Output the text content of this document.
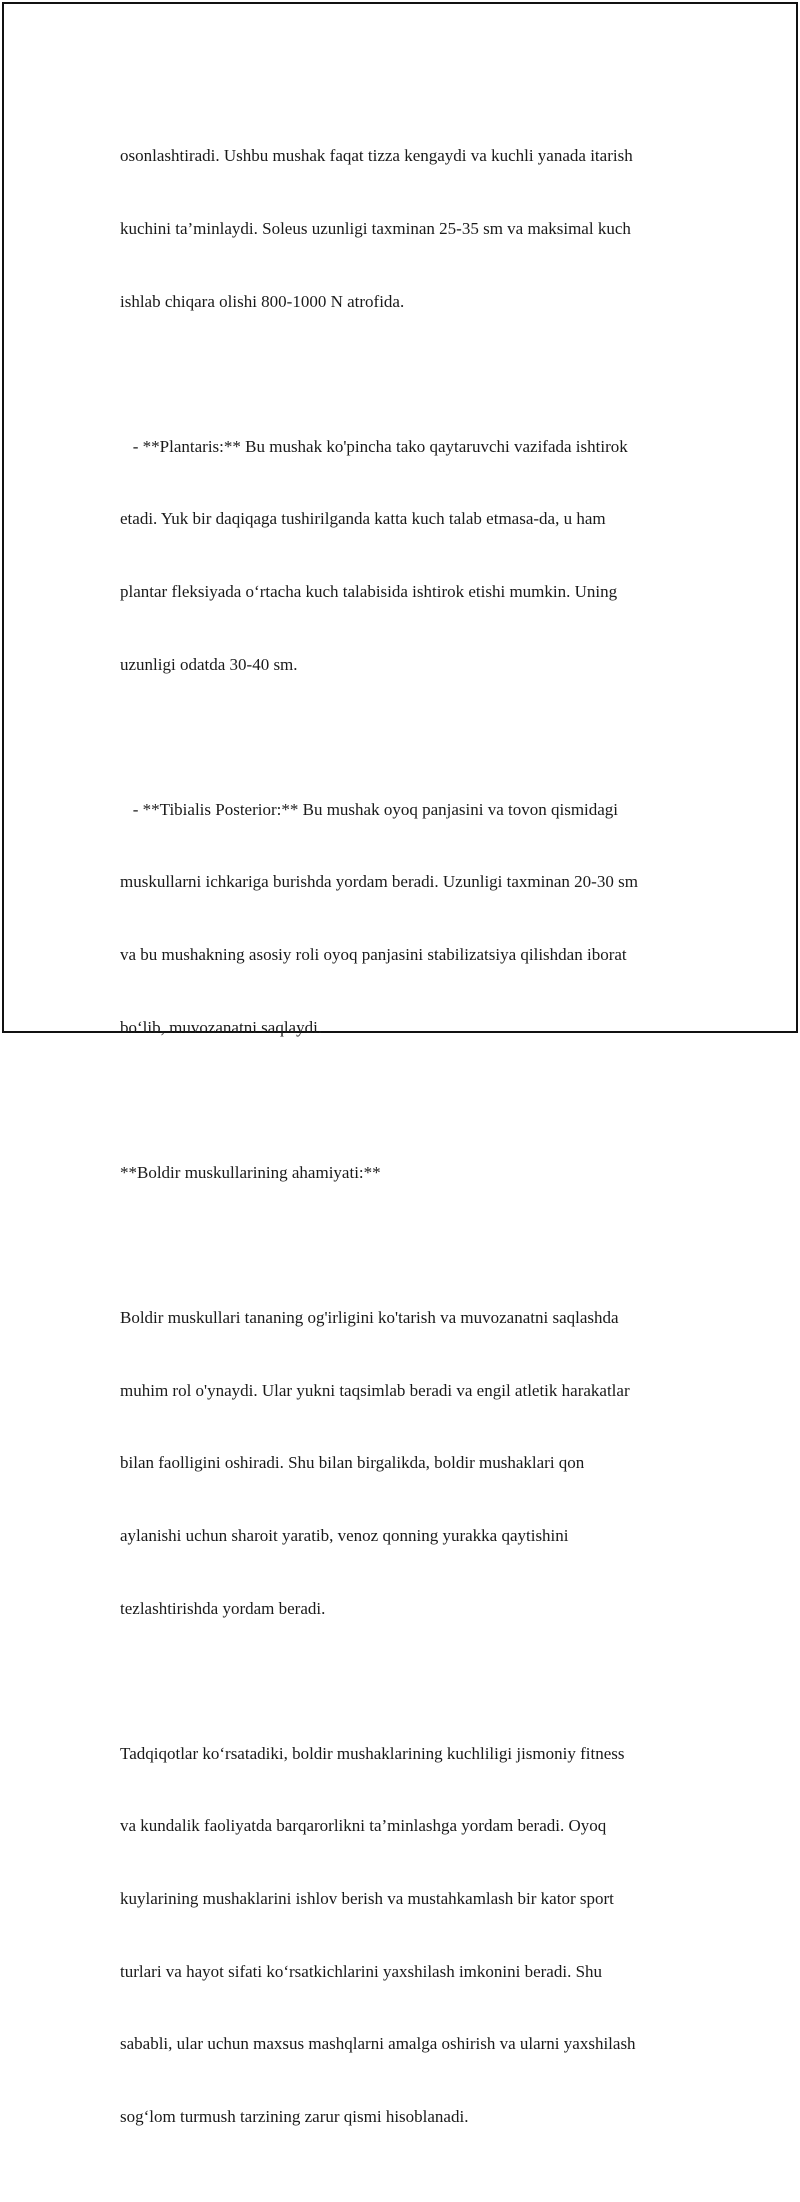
osonlashtiradi. Ushbu mushak faqat tizza kengaydi va kuchli yanada itarish

kuchini ta’minlaydi. Soleus uzunligi taxminan 25-35 sm va maksimal kuch

ishlab chiqara olishi 800-1000 N atrofida.

- **Plantaris:** Bu mushak ko'pincha tako qaytaruvchi vazifada ishtirok

etadi. Yuk bir daqiqaga tushirilganda katta kuch talab etmasa-da, u ham

plantar fleksiyada o‘rtacha kuch talabisida ishtirok etishi mumkin. Uning

uzunligi odatda 30-40 sm.

- **Tibialis Posterior:** Bu mushak oyoq panjasini va tovon qismidagi

muskullarni ichkariga burishda yordam beradi. Uzunligi taxminan 20-30 sm

va bu mushakning asosiy roli oyoq panjasini stabilizatsiya qilishdan iborat

bo‘lib, muvozanatni saqlaydi.

**Boldir muskullarining ahamiyati:**

Boldir muskullari tananing og'irligini ko'tarish va muvozanatni saqlashda

muhim rol o'ynaydi. Ular yukni taqsimlab beradi va engil atletik harakatlar

bilan faolligini oshiradi. Shu bilan birgalikda, boldir mushaklari qon

aylanishi uchun sharoit yaratib, venoz qonning yurakka qaytishini

tezlashtirishda yordam beradi.

Tadqiqotlar ko‘rsatadiki, boldir mushaklarining kuchliligi jismoniy fitness

va kundalik faoliyatda barqarorlikni ta’minlashga yordam beradi. Oyoq

kuylarining mushaklarini ishlov berish va mustahkamlash bir kator sport

turlari va hayot sifati ko‘rsatkichlarini yaxshilash imkonini beradi. Shu

sababli, ular uchun maxsus mashqlarni amalga oshirish va ularni yaxshilash

sog‘lom turmush tarzining zarur qismi hisoblanadi.
